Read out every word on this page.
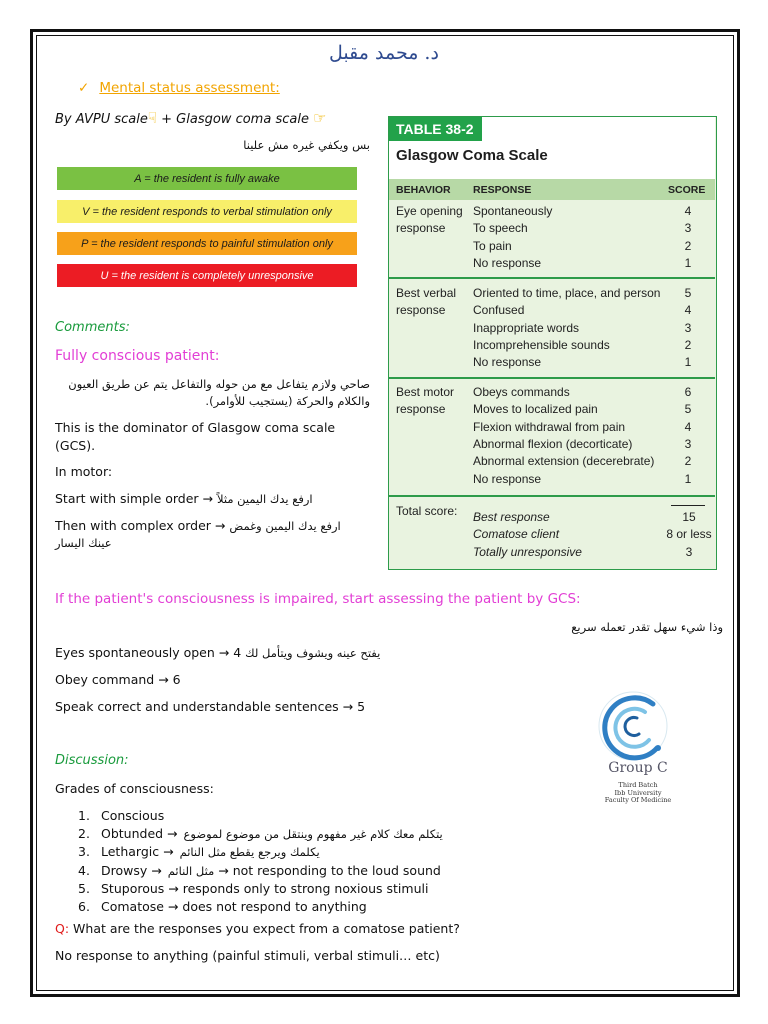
د. محمد مقبل
✓ Mental status assessment:
By AVPU scale☟ + Glasgow coma scale ☞
بس ويكفي غيره مش علينا
A = the resident is fully awake
V = the resident responds to verbal stimulation only
P = the resident responds to painful stimulation only
U = the resident is completely unresponsive
Comments:
Fully conscious patient:
صاحي ولازم يتفاعل مع من حوله والتفاعل يتم عن طريق العيون والكلام والحركة (يستجيب للأوامر).
This is the dominator of Glasgow coma scale (GCS).
In motor:
Start with simple order → ارفع يدك اليمين مثلاً
Then with complex order → ارفع يدك اليمين وغمض
عينك اليسار
TABLE 38-2
Glasgow Coma Scale
BEHAVIOR RESPONSE	SCORE
Eye opening
response
Spontaneously	4
To speech	3
To pain	2
No response	1
Best verbal
response
Oriented to time, place, and person	5
Confused	4
Inappropriate words	3
Incomprehensible sounds	2
No response	1
Best motor
response
Obeys commands	6
Moves to localized pain	5
Flexion withdrawal from pain	4
Abnormal flexion (decorticate)	3
Abnormal extension (decerebrate)	2
No response	1
Total score: Best response	15
Comatose client	8 or less
Totally unresponsive	3
If the patient's consciousness is impaired, start assessing the patient by GCS:
وذا شيء سهل تقدر تعمله سريع
Eyes spontaneously open → 4 يفتح عينه ويشوف ويتأمل لك
Obey command → 6
Speak correct and understandable sentences → 5
Group C
Third Batch
Ibb University
Faculty Of Medicine
Discussion:
Grades of consciousness:
1. Conscious
2. Obtunded → يتكلم معك كلام غير مفهوم وينتقل من موضوع لموضوع
3. Lethargic → يكلمك ويرجع يقطع مثل النائم
4. Drowsy → مثل النائم → not responding to the loud sound
5. Stuporous → responds only to strong noxious stimuli
6. Comatose → does not respond to anything
Q: What are the responses you expect from a comatose patient?
No response to anything (painful stimuli, verbal stimuli… etc)
